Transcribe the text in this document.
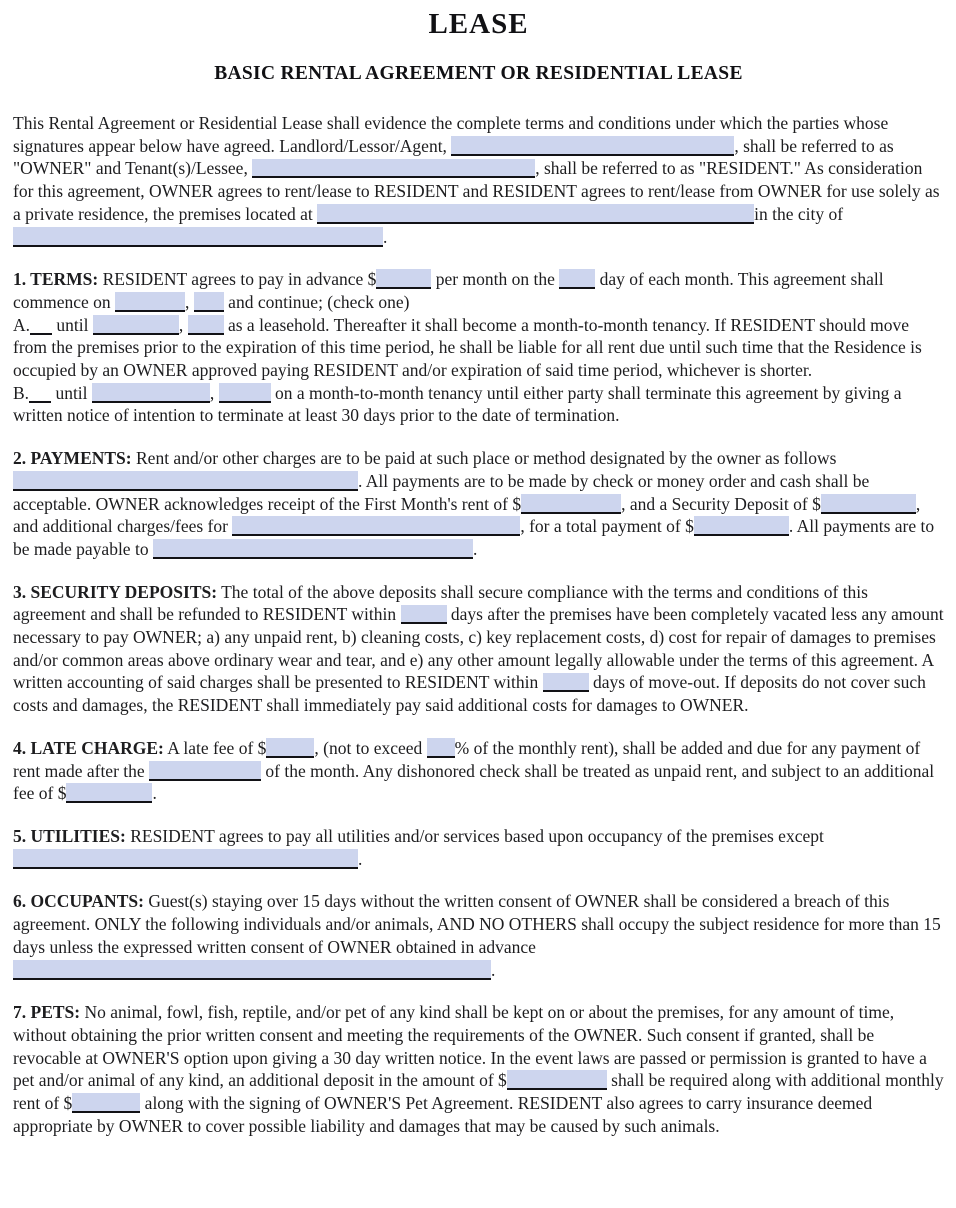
LEASE
BASIC RENTAL AGREEMENT OR RESIDENTIAL LEASE

This Rental Agreement or Residential Lease shall evidence the complete terms and conditions under which the parties whose signatures appear below have agreed. Landlord/Lessor/Agent,	, shall be referred to as "OWNER" and Tenant(s)/Lessee,	, shall be referred to as "RESIDENT." As consideration for this agreement, OWNER agrees to rent/lease to RESIDENT and RESIDENT agrees to rent/lease from OWNER for use solely as a private residence, the premises located at	in the city of .

1. TERMS: RESIDENT agrees to pay in advance $	per month on the  day of each month. This agreement shall commence on	,  and continue; (check one)

A. until	,  as a leasehold. Thereafter it shall become a month-to-month tenancy. If RESIDENT should move from the premises prior to the expiration of this time period, he shall be liable for all rent due until such time that the Residence is occupied by an OWNER approved paying RESIDENT and/or expiration of said time period, whichever is shorter.

B. until	,	on a month-to-month tenancy until either party shall terminate this agreement by giving a written notice of intention to terminate at least 30 days prior to the date of termination.

2. PAYMENTS: Rent and/or other charges are to be paid at such place or method designated by the owner as follows . All payments are to be made by check or money order and cash shall be acceptable. OWNER acknowledges receipt of the First Month's rent of $	, and a Security Deposit of $	, and additional charges/fees for	, for a total payment of $	. All payments are to be made payable to	.

3. SECURITY DEPOSITS: The total of the above deposits shall secure compliance with the terms and conditions of this agreement and shall be refunded to RESIDENT within	days after the premises have been completely vacated less any amount necessary to pay OWNER; a) any unpaid rent, b) cleaning costs, c) key replacement costs, d) cost for repair of damages to premises and/or common areas above ordinary wear and tear, and e) any other amount legally allowable under the terms of this agreement. A written accounting of said charges shall be presented to RESIDENT within	days of move-out. If deposits do not cover such costs and damages, the RESIDENT shall immediately pay said additional costs for damages to OWNER.

4. LATE CHARGE: A late fee of $	, (not to exceed % of the monthly rent), shall be added and due for any payment of rent made after the	of the month. Any dishonored check shall be treated as unpaid rent, and subject to an additional fee of $	.

5. UTILITIES: RESIDENT agrees to pay all utilities and/or services based upon occupancy of the premises except .

6. OCCUPANTS: Guest(s) staying over 15 days without the written consent of OWNER shall be considered a breach of this agreement. ONLY the following individuals and/or animals, AND NO OTHERS shall occupy the subject residence for more than 15 days unless the expressed written consent of OWNER obtained in advance .

7. PETS: No animal, fowl, fish, reptile, and/or pet of any kind shall be kept on or about the premises, for any amount of time, without obtaining the prior written consent and meeting the requirements of the OWNER. Such consent if granted, shall be revocable at OWNER'S option upon giving a 30 day written notice. In the event laws are passed or permission is granted to have a pet and/or animal of any kind, an additional deposit in the amount of $	shall be required along with additional monthly rent of $	along with the signing of OWNER'S Pet Agreement. RESIDENT also agrees to carry insurance deemed appropriate by OWNER to cover possible liability and damages that may be caused by such animals.
